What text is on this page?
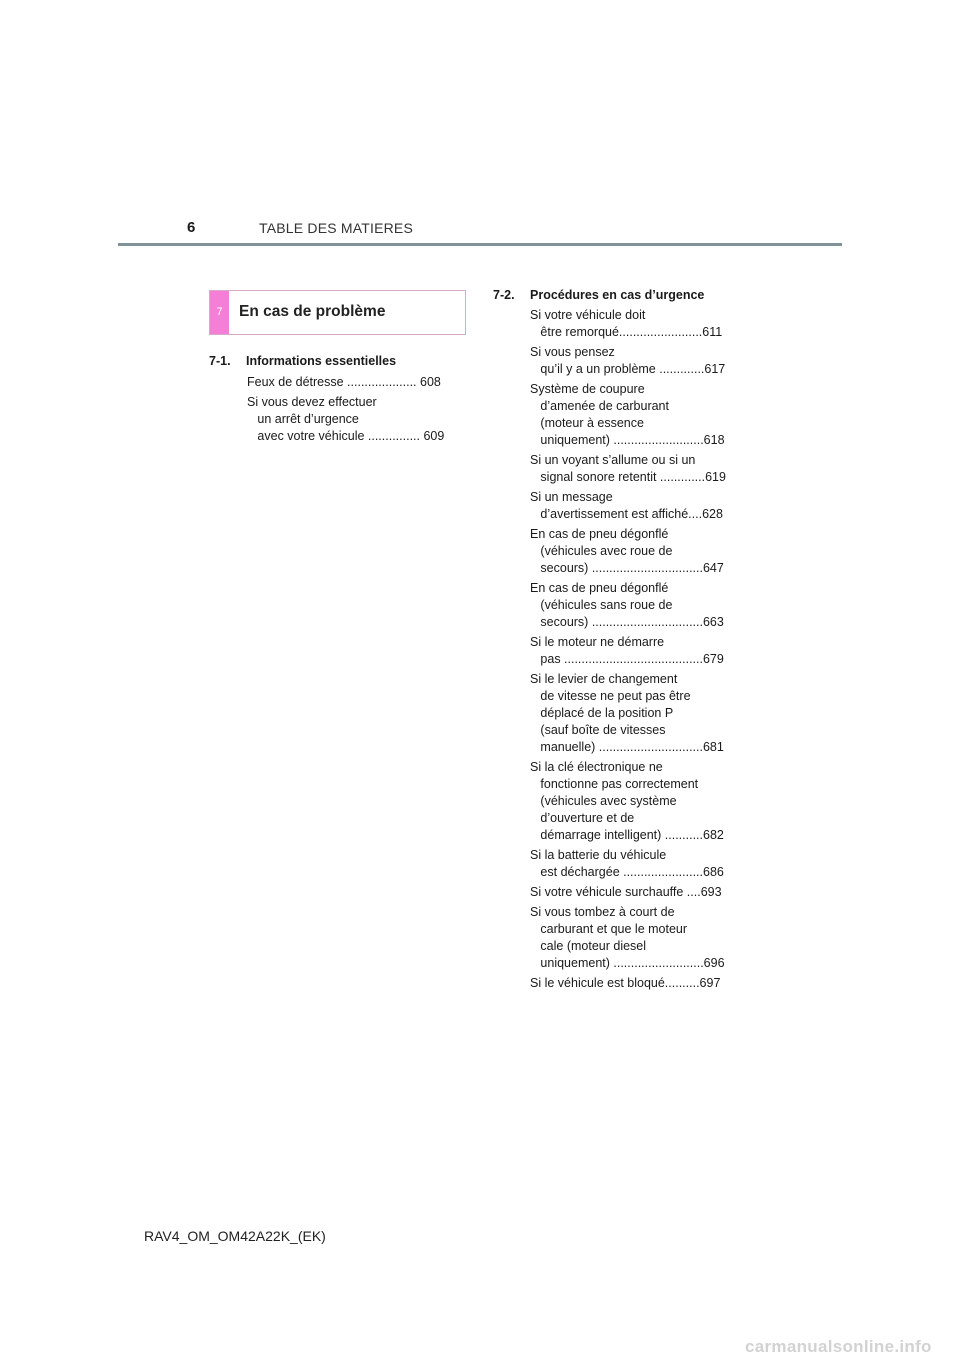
6	TABLE DES MATIERES
7	En cas de problème
7-1. Informations essentielles
Feux de détresse .................... 608
Si vous devez effectuer
un arrêt d’urgence
avec votre véhicule ............... 609
7-2. Procédures en cas d’urgence
Si votre véhicule doit
être remorqué........................611
Si vous pensez
qu’il y a un problème .............617
Système de coupure
d’amenée de carburant
(moteur à essence
uniquement) ..........................618
Si un voyant s’allume ou si un
signal sonore retentit .............619
Si un message
d’avertissement est affiché....628
En cas de pneu dégonflé
(véhicules avec roue de
secours) ................................647
En cas de pneu dégonflé
(véhicules sans roue de
secours) ................................663
Si le moteur ne démarre
pas ........................................679
Si le levier de changement
de vitesse ne peut pas être
déplacé de la position P
(sauf boîte de vitesses
manuelle) ..............................681
Si la clé électronique ne
fonctionne pas correctement
(véhicules avec système
d’ouverture et de
démarrage intelligent) ...........682
Si la batterie du véhicule
est déchargée .......................686
Si votre véhicule surchauffe ....693
Si vous tombez à court de
carburant et que le moteur
cale (moteur diesel
uniquement) ..........................696
Si le véhicule est bloqué..........697
RAV4_OM_OM42A22K_(EK)
carmanualsonline.info
